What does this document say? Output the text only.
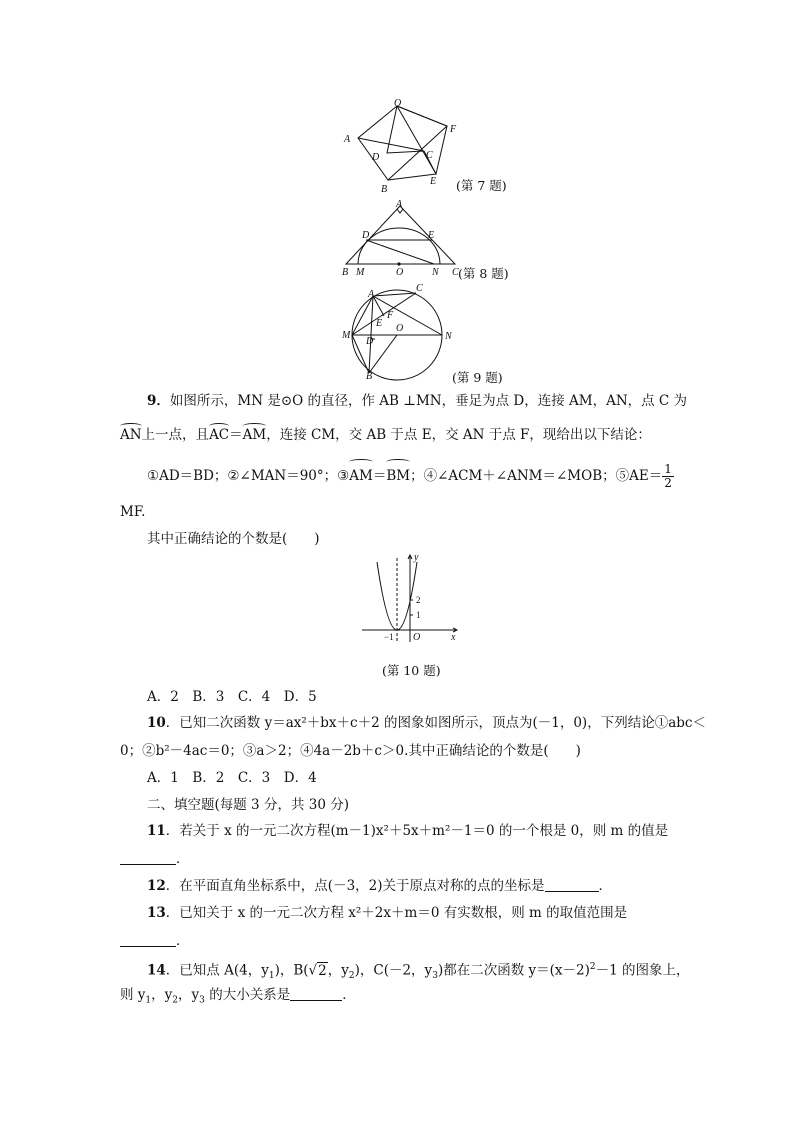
O
A
F
D	C
B
E (第 7 题)
A
D	E
B M	O	N C (第 8 题)
A
C
F
E
M
D
O
N
B	(第 9 题)
9．如图所示，MN 是⊙O 的直径，作 AB ⊥MN，垂足为点 D，连接 AM，AN，点 C 为
AN上一点，且AC＝AM，连接 CM，交 AB 于点 E，交 AN 于点 F，现给出以下结论：
①AD＝BD；②∠MAN＝90°；③AM＝BM；④∠ACM＋∠ANM＝∠MOB；⑤AE＝ $\frac{1}{2}$
MF.
其中正确结论的个数是(　　)
y
x
O
2
1
−1
(第 10 题)
A．2　B．3　C．4　D．5
10．已知二次函数 y＝ax²＋bx＋c＋2 的图象如图所示，顶点为(－1，0)，下列结论①abc＜
0；②b²－4ac＝0；③a＞2；④4a－2b＋c＞0.其中正确结论的个数是(　　)
A．1　B．2　C．3　D．4
二、填空题(每题 3 分，共 30 分)
11．若关于 x 的一元二次方程(m－1)x²＋5x＋m²－1＝0 的一个根是 0，则 m 的值是
．
12．在平面直角坐标系中，点(－3，2)关于原点对称的点的坐标是	．
13．已知关于 x 的一元二次方程 x²＋2x＋m＝0 有实数根，则 m 的取值范围是
．
14．已知点 A(4，$y_1$)，B(√2，$y_2$)，C(－2，$y_3$)都在二次函数 $y=(x-2)^2-1$ 的图象上，
则 $y_1$，$y_2$，$y_3$ 的大小关系是	．
